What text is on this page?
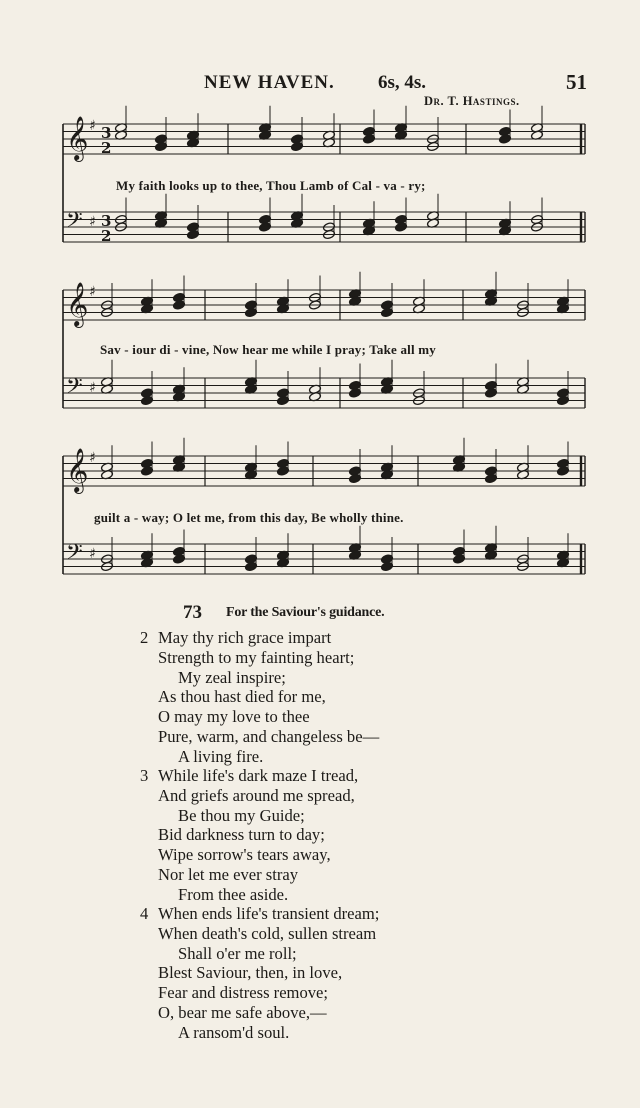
NEW HAVEN. 6s, 4s.	51
Dr. T. Hastings.
𝄞 ♯ 3
2
𝄢 ♯ 3
2
𝄞 ♯
𝄢 ♯
𝄞 ♯
𝄢 ♯
My faith looks up to thee, Thou Lamb of Cal - va - ry;
Sav - iour di - vine, Now hear me while I pray; Take all my
guilt a - way; O let me, from this day, Be wholly thine.
73 For the Saviour's guidance.
2 May thy rich grace impart
Strength to my fainting heart;
My zeal inspire;
As thou hast died for me,
O may my love to thee
Pure, warm, and changeless be—
A living fire.
3 While life's dark maze I tread,
And griefs around me spread,
Be thou my Guide;
Bid darkness turn to day;
Wipe sorrow's tears away,
Nor let me ever stray
From thee aside.
4 When ends life's transient dream;
When death's cold, sullen stream
Shall o'er me roll;
Blest Saviour, then, in love,
Fear and distress remove;
O, bear me safe above,—
A ransom'd soul.
